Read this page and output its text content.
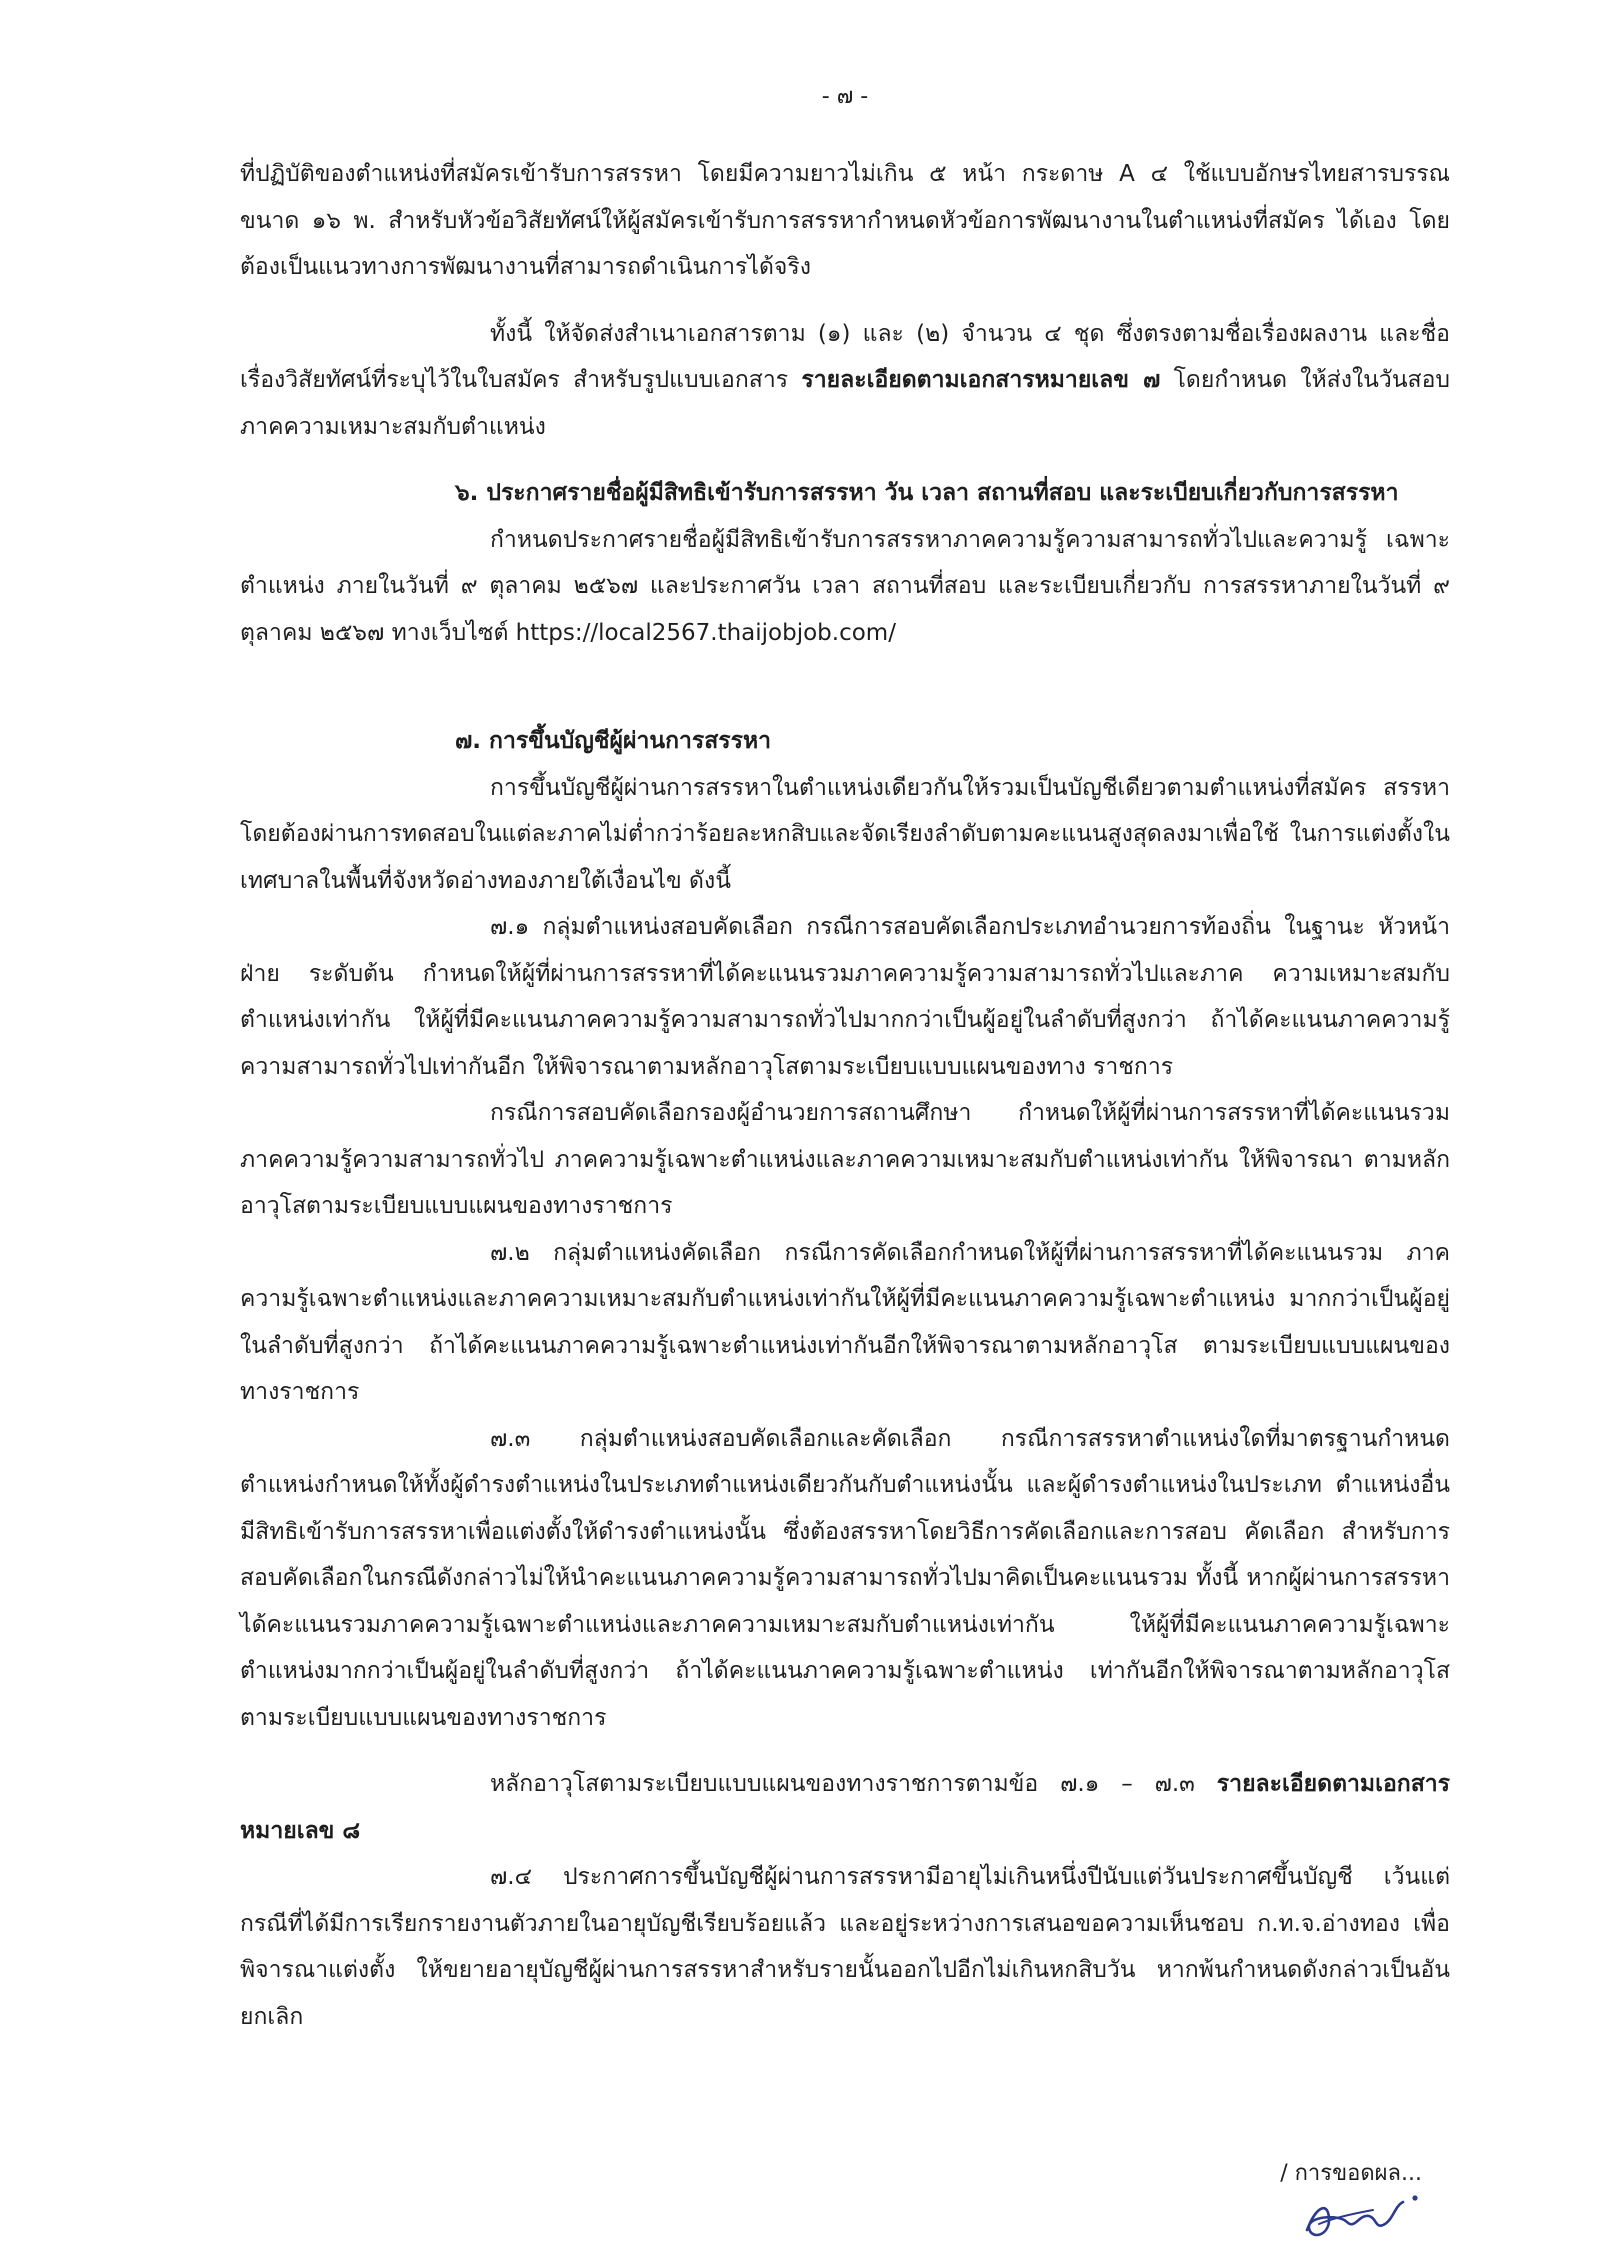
- ๗ -

ที่ปฏิบัติของตำแหน่งที่สมัครเข้ารับการสรรหา โดยมีความยาวไม่เกิน ๕ หน้า กระดาษ A ๔ ใช้แบบอักษรไทยสารบรรณ ขนาด ๑๖ พ. สำหรับหัวข้อวิสัยทัศน์ให้ผู้สมัครเข้ารับการสรรหากำหนดหัวข้อการพัฒนางานในตำแหน่งที่สมัคร ได้เอง โดยต้องเป็นแนวทางการพัฒนางานที่สามารถดำเนินการได้จริง

ทั้งนี้ ให้จัดส่งสำเนาเอกสารตาม (๑) และ (๒) จำนวน ๔ ชุด ซึ่งตรงตามชื่อเรื่องผลงาน และชื่อเรื่องวิสัยทัศน์ที่ระบุไว้ในใบสมัคร สำหรับรูปแบบเอกสาร รายละเอียดตามเอกสารหมายเลข ๗ โดยกำหนด ให้ส่งในวันสอบภาคความเหมาะสมกับตำแหน่ง

๖. ประกาศรายชื่อผู้มีสิทธิเข้ารับการสรรหา วัน เวลา สถานที่สอบ และระเบียบเกี่ยวกับการสรรหา

กำหนดประกาศรายชื่อผู้มีสิทธิเข้ารับการสรรหาภาคความรู้ความสามารถทั่วไปและความรู้ เฉพาะตำแหน่ง ภายในวันที่ ๙ ตุลาคม ๒๕๖๗ และประกาศวัน เวลา สถานที่สอบ และระเบียบเกี่ยวกับ การสรรหาภายในวันที่ ๙ ตุลาคม ๒๕๖๗ ทางเว็บไซต์ https://local2567.thaijobjob.com/

๗. การขึ้นบัญชีผู้ผ่านการสรรหา

การขึ้นบัญชีผู้ผ่านการสรรหาในตำแหน่งเดียวกันให้รวมเป็นบัญชีเดียวตามตำแหน่งที่สมัคร สรรหา โดยต้องผ่านการทดสอบในแต่ละภาคไม่ต่ำกว่าร้อยละหกสิบและจัดเรียงลำดับตามคะแนนสูงสุดลงมาเพื่อใช้ ในการแต่งตั้งในเทศบาลในพื้นที่จังหวัดอ่างทองภายใต้เงื่อนไข ดังนี้

๗.๑ กลุ่มตำแหน่งสอบคัดเลือก กรณีการสอบคัดเลือกประเภทอำนวยการท้องถิ่น ในฐานะ หัวหน้าฝ่าย ระดับต้น กำหนดให้ผู้ที่ผ่านการสรรหาที่ได้คะแนนรวมภาคความรู้ความสามารถทั่วไปและภาค ความเหมาะสมกับตำแหน่งเท่ากัน ให้ผู้ที่มีคะแนนภาคความรู้ความสามารถทั่วไปมากกว่าเป็นผู้อยู่ในลำดับที่สูงกว่า ถ้าได้คะแนนภาคความรู้ความสามารถทั่วไปเท่ากันอีก ให้พิจารณาตามหลักอาวุโสตามระเบียบแบบแผนของทาง ราชการ

กรณีการสอบคัดเลือกรองผู้อำนวยการสถานศึกษา กำหนดให้ผู้ที่ผ่านการสรรหาที่ได้คะแนนรวม ภาคความรู้ความสามารถทั่วไป ภาคความรู้เฉพาะตำแหน่งและภาคความเหมาะสมกับตำแหน่งเท่ากัน ให้พิจารณา ตามหลักอาวุโสตามระเบียบแบบแผนของทางราชการ

๗.๒ กลุ่มตำแหน่งคัดเลือก กรณีการคัดเลือกกำหนดให้ผู้ที่ผ่านการสรรหาที่ได้คะแนนรวม ภาคความรู้เฉพาะตำแหน่งและภาคความเหมาะสมกับตำแหน่งเท่ากันให้ผู้ที่มีคะแนนภาคความรู้เฉพาะตำแหน่ง มากกว่าเป็นผู้อยู่ในลำดับที่สูงกว่า ถ้าได้คะแนนภาคความรู้เฉพาะตำแหน่งเท่ากันอีกให้พิจารณาตามหลักอาวุโส ตามระเบียบแบบแผนของทางราชการ

๗.๓ กลุ่มตำแหน่งสอบคัดเลือกและคัดเลือก กรณีการสรรหาตำแหน่งใดที่มาตรฐานกำหนด ตำแหน่งกำหนดให้ทั้งผู้ดำรงตำแหน่งในประเภทตำแหน่งเดียวกันกับตำแหน่งนั้น และผู้ดำรงตำแหน่งในประเภท ตำแหน่งอื่นมีสิทธิเข้ารับการสรรหาเพื่อแต่งตั้งให้ดำรงตำแหน่งนั้น ซึ่งต้องสรรหาโดยวิธีการคัดเลือกและการสอบ คัดเลือก สำหรับการสอบคัดเลือกในกรณีดังกล่าวไม่ให้นำคะแนนภาคความรู้ความสามารถทั่วไปมาคิดเป็นคะแนนรวม ทั้งนี้ หากผู้ผ่านการสรรหาได้คะแนนรวมภาคความรู้เฉพาะตำแหน่งและภาคความเหมาะสมกับตำแหน่งเท่ากัน ให้ผู้ที่มีคะแนนภาคความรู้เฉพาะตำแหน่งมากกว่าเป็นผู้อยู่ในลำดับที่สูงกว่า ถ้าได้คะแนนภาคความรู้เฉพาะตำแหน่ง เท่ากันอีกให้พิจารณาตามหลักอาวุโสตามระเบียบแบบแผนของทางราชการ

หลักอาวุโสตามระเบียบแบบแผนของทางราชการตามข้อ ๗.๑ – ๗.๓ รายละเอียดตามเอกสาร หมายเลข ๘

๗.๔ ประกาศการขึ้นบัญชีผู้ผ่านการสรรหามีอายุไม่เกินหนึ่งปีนับแต่วันประกาศขึ้นบัญชี เว้นแต่กรณีที่ได้มีการเรียกรายงานตัวภายในอายุบัญชีเรียบร้อยแล้ว และอยู่ระหว่างการเสนอขอความเห็นชอบ ก.ท.จ.อ่างทอง เพื่อพิจารณาแต่งตั้ง ให้ขยายอายุบัญชีผู้ผ่านการสรรหาสำหรับรายนั้นออกไปอีกไม่เกินหกสิบวัน หากพ้นกำหนดดังกล่าวเป็นอันยกเลิก

/ การขอดผล...
